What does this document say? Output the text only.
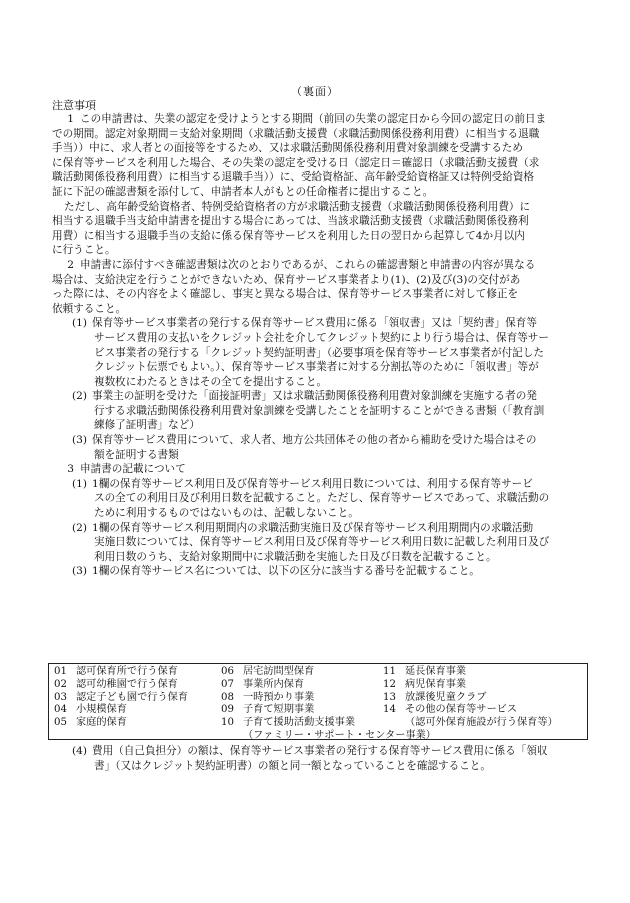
（裏面）
注意事項
1 この申請書は、失業の認定を受けようとする期間（前回の失業の認定日から今回の認定日の前日ま
での期間。認定対象期間＝支給対象期間（求職活動支援費（求職活動関係役務利用費）に相当する退職
手当））中に、求人者との面接等をするため、又は求職活動関係役務利用費対象訓練を受講するため
に保育等サービスを利用した場合、その失業の認定を受ける日（認定日＝確認日（求職活動支援費（求
職活動関係役務利用費）に相当する退職手当））に、受給資格証、高年齢受給資格証又は特例受給資格
証に下記の確認書類を添付して、申請者本人がもとの任命権者に提出すること。
ただし、高年齢受給資格者、特例受給資格者の方が求職活動支援費（求職活動関係役務利用費）に
相当する退職手当支給申請書を提出する場合にあっては、当該求職活動支援費（求職活動関係役務利
用費）に相当する退職手当の支給に係る保育等サービスを利用した日の翌日から起算して4か月以内
に行うこと。
2 申請書に添付すべき確認書類は次のとおりであるが、これらの確認書類と申請書の内容が異なる
場合は、支給決定を行うことができないため、保育サービス事業者より(1)、(2)及び(3)の交付があ
った際には、その内容をよく確認し、事実と異なる場合は、保育等サービス事業者に対して修正を
依頼すること。
(1) 保育等サービス事業者の発行する保育等サービス費用に係る「領収書」又は「契約書」保育等
サービス費用の支払いをクレジット会社を介してクレジット契約により行う場合は、保育等サー
ビス事業者の発行する「クレジット契約証明書」（必要事項を保育等サービス事業者が付記した
クレジット伝票でもよい。）、保育等サービス事業者に対する分割払等のために「領収書」等が
複数枚にわたるときはその全てを提出すること。
(2) 事業主の証明を受けた「面接証明書」又は求職活動関係役務利用費対象訓練を実施する者の発
行する求職活動関係役務利用費対象訓練を受講したことを証明することができる書類（「教育訓
練修了証明書」など）
(3) 保育等サービス費用について、求人者、地方公共団体その他の者から補助を受けた場合はその
額を証明する書類
3 申請書の記載について
(1) 1欄の保育等サービス利用日及び保育等サービス利用日数については、利用する保育等サービ
スの全ての利用日及び利用日数を記載すること。ただし、保育等サービスであって、求職活動の
ために利用するものではないものは、記載しないこと。
(2) 1欄の保育等サービス利用期間内の求職活動実施日及び保育等サービス利用期間内の求職活動
実施日数については、保育等サービス利用日及び保育等サービス利用日数に記載した利用日及び
利用日数のうち、支給対象期間中に求職活動を実施した日及び日数を記載すること。
(3) 1欄の保育等サービス名については、以下の区分に該当する番号を記載すること。
01 認可保育所で行う保育
02 認可幼稚園で行う保育
03 認定子ども園で行う保育
04 小規模保育
05 家庭的保育
06 居宅訪問型保育
07 事業所内保育
08 一時預かり事業
09 子育て短期事業
10 子育て援助活動支援事業
（ファミリー・サポート・センター事業）
11 延長保育事業
12 病児保育事業
13 放課後児童クラブ
14 その他の保育等サービス
（認可外保育施設が行う保育等）
(4) 費用（自己負担分）の額は、保育等サービス事業者の発行する保育等サービス費用に係る「領収
書」（又はクレジット契約証明書）の額と同一額となっていることを確認すること。
